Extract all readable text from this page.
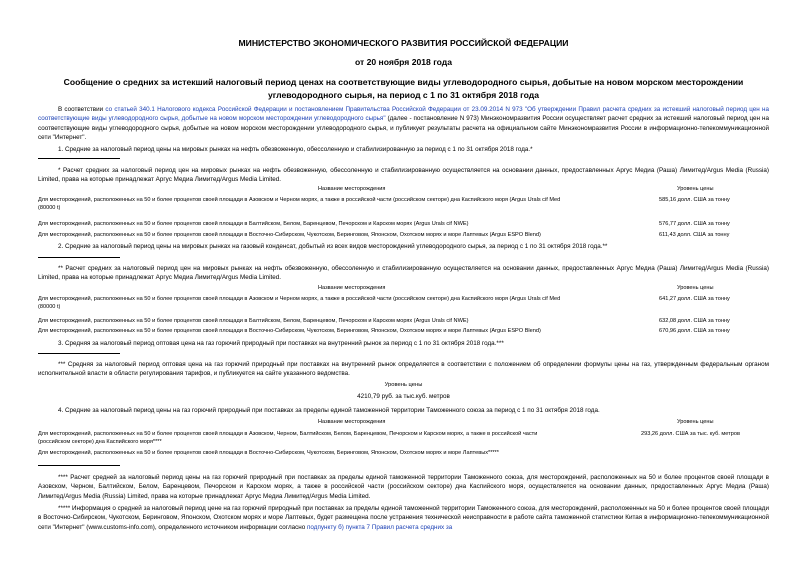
МИНИСТЕРСТВО ЭКОНОМИЧЕСКОГО РАЗВИТИЯ РОССИЙСКОЙ ФЕДЕРАЦИИ
от 20 ноября 2018 года
Сообщение о средних за истекший налоговый период ценах на соответствующие виды углеводородного сырья, добытые на новом морском месторождении
углеводородного сырья, на период с 1 по 31 октября 2018 года
В соответствии со статьей 340.1 Налогового кодекса Российской Федерации и постановлением Правительства Российской Федерации от 23.09.2014 N 973 "Об утверждении Правил расчета средних за истекший налоговый период цен на соответствующие виды углеводородного сырья, добытые на новом морском месторождении углеводородного сырья" (далее - постановление N 973) Минэкономразвития России осуществляет расчет средних за истекший налоговый период цен на соответствующие виды углеводородного сырья, добытые на новом морском месторождении углеводородного сырья, и публикует результаты расчета на официальном сайте Минэкономразвития России в информационно-телекоммуникационной сети "Интернет".
1. Средние за налоговый период цены на мировых рынках на нефть обезвоженную, обессоленную и стабилизированную за период с 1 по 31 октября 2018 года.*
* Расчет средних за налоговый период цен на мировых рынках на нефть обезвоженную, обессоленную и стабилизированную осуществляется на основании данных, предоставленных Аргус Медиа (Раша) Лимитед/Argus Media (Russia) Limited, права на которые принадлежат Аргус Медиа Лимитед/Argus Media Limited.
Название месторождения	Уровень цены
Для месторождений, расположенных на 50 и более процентов своей площади в Азовском и Черном морях, а также в российской части (российском секторе) дна Каспийского моря (Argus Urals cif Med
(80000 t)
585,16 долл. США за тонну
Для месторождений, расположенных на 50 и более процентов своей площади в Балтийском, Белом, Баренцевом, Печорском и Карском морях (Argus Urals cif NWE)	576,77 долл. США за тонну
Для месторождений, расположенных на 50 и более процентов своей площади в Восточно-Сибирском, Чукотском, Беринговом, Японском, Охотском морях и море Лаптевых (Argus ESPO Blend)	611,43 долл. США за тонну
2. Средние за налоговый период цены на мировых рынках на газовый конденсат, добытый из всех видов месторождений углеводородного сырья, за период с 1 по 31 октября 2018 года.**
** Расчет средних за налоговый период цен на мировых рынках на нефть обезвоженную, обессоленную и стабилизированную осуществляется на основании данных, предоставленных Аргус Медиа (Раша) Лимитед/Argus Media (Russia) Limited, права на которые принадлежат Аргус Медиа Лимитед/Argus Media Limited.
Название месторождения	Уровень цены
Для месторождений, расположенных на 50 и более процентов своей площади в Азовском и Черном морях, а также в российской части (российском секторе) дна Каспийского моря (Argus Urals cif Med
(80000 t)
641,27 долл. США за тонну
Для месторождений, расположенных на 50 и более процентов своей площади в Балтийском, Белом, Баренцевом, Печорском и Карском морях (Argus Urals cif NWE)	632,08 долл. США за тонну
Для месторождений, расположенных на 50 и более процентов своей площади в Восточно-Сибирском, Чукотском, Беринговом, Японском, Охотском морях и море Лаптевых (Argus ESPO Blend)	670,96 долл. США за тонну
3. Средняя за налоговый период оптовая цена на газ горючий природный при поставках на внутренний рынок за период с 1 по 31 октября 2018 года.***
*** Средняя за налоговый период оптовая цена на газ горючий природный при поставках на внутренний рынок определяется в соответствии с положением об определении формулы цены на газ, утвержденным федеральным органом исполнительной власти в области регулирования тарифов, и публикуется на сайте указанного ведомства.
Уровень цены
4210,79 руб. за тыс.куб. метров
4. Средние за налоговый период цены на газ горючий природный при поставках за пределы единой таможенной территории Таможенного союза за период с 1 по 31 октября 2018 года.
Название месторождения	Уровень цены
Для месторождений, расположенных на 50 и более процентов своей площади в Азовском, Черном, Балтийском, Белом, Баренцевом, Печорском и Карском морях, а также в российской части
(российском секторе) дна Каспийского моря****
293,26 долл. США за тыс. куб. метров
Для месторождений, расположенных на 50 и более процентов своей площади в Восточно-Сибирском, Чукотском, Беринговом, Японском, Охотском морях и море Лаптевых*****
**** Расчет средней за налоговый период цены на газ горючий природный при поставках за пределы единой таможенной территории Таможенного союза, для месторождений, расположенных на 50 и более процентов своей площади в Азовском, Черном, Балтийском, Белом, Баренцевом, Печорском и Карском морях, а также в российской части (российском секторе) дна Каспийского моря, осуществляется на основании данных, предоставленных Аргус Медиа (Раша) Лимитед/Argus Media (Russia) Limited, права на которые принадлежат Аргус Медиа Лимитед/Argus Media Limited.
***** Информация о средней за налоговый период цене на газ горючий природный при поставках за пределы единой таможенной территории Таможенного союза, для месторождений, расположенных на 50 и более процентов своей площади в Восточно-Сибирском, Чукотском, Беринговом, Японском, Охотском морях и море Лаптевых, будет размещена после устранения технической неисправности в работе сайта таможенной статистики Китая в информационно-телекоммуникационной сети "Интернет" (www.customs-info.com), определенного источником информации согласно подпункту б) пункта 7 Правил расчета средних за
